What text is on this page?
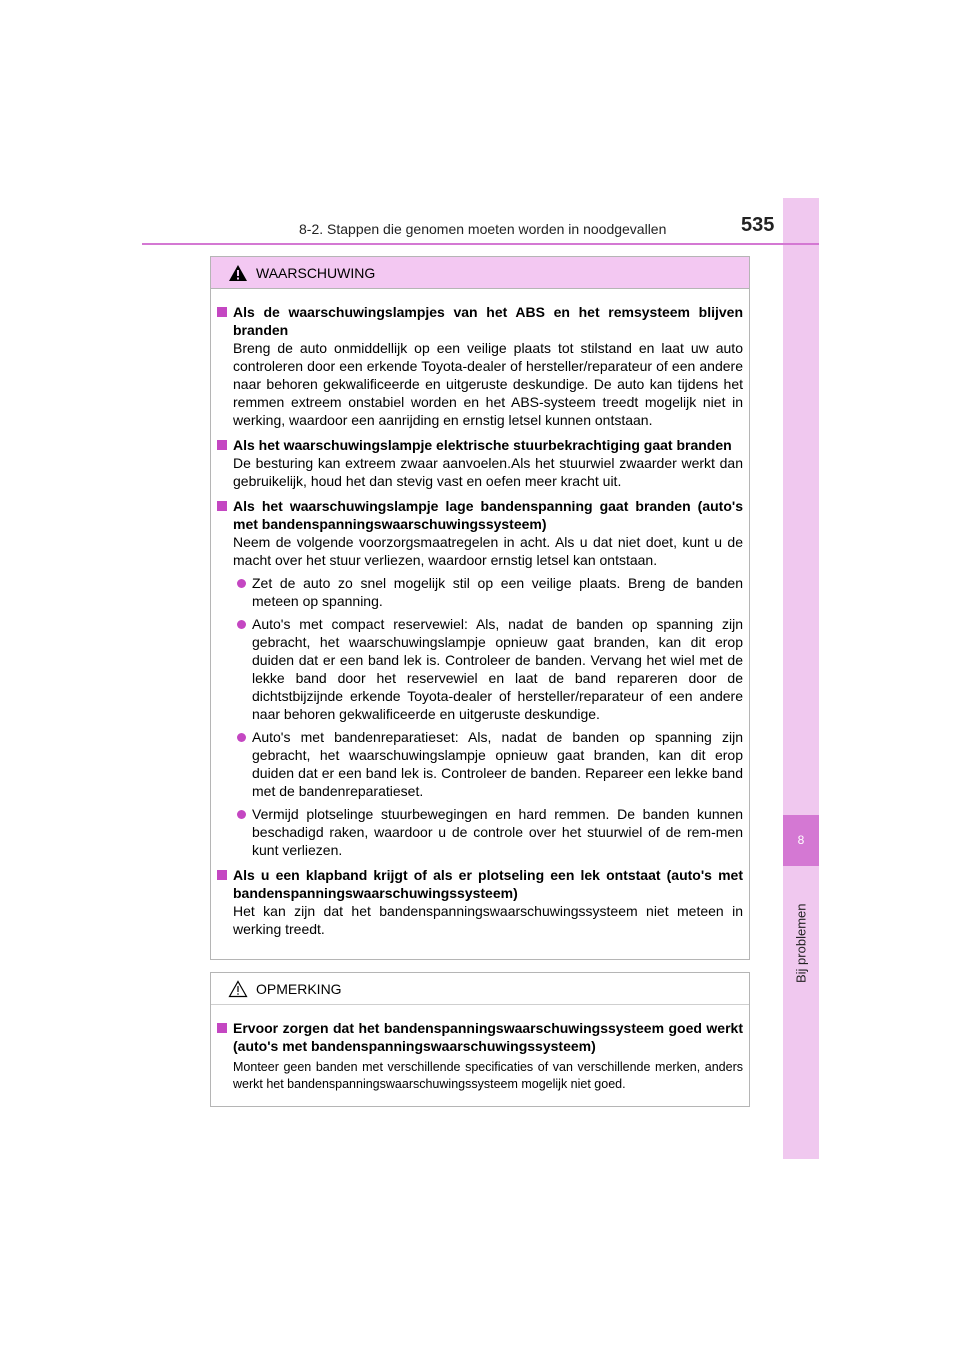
8
Bij problemen
8-2. Stappen die genomen moeten worden in noodgevallen	535
WAARSCHUWING
Als de waarschuwingslampjes van het ABS en het remsysteem blijven branden
Breng de auto onmiddellijk op een veilige plaats tot stilstand en laat uw auto controleren door een erkende Toyota-dealer of hersteller/reparateur of een andere naar behoren gekwalificeerde en uitgeruste deskundige. De auto kan tijdens het remmen extreem onstabiel worden en het ABS-systeem treedt mogelijk niet in werking, waardoor een aanrijding en ernstig letsel kunnen ontstaan.
Als het waarschuwingslampje elektrische stuurbekrachtiging gaat branden
De besturing kan extreem zwaar aanvoelen.Als het stuurwiel zwaarder werkt dan gebruikelijk, houd het dan stevig vast en oefen meer kracht uit.
Als het waarschuwingslampje lage bandenspanning gaat branden (auto's met bandenspanningswaarschuwingssysteem)
Neem de volgende voorzorgsmaatregelen in acht. Als u dat niet doet, kunt u de macht over het stuur verliezen, waardoor ernstig letsel kan ontstaan.
Zet de auto zo snel mogelijk stil op een veilige plaats. Breng de banden meteen op spanning.
Auto's met compact reservewiel: Als, nadat de banden op spanning zijn gebracht, het waarschuwingslampje opnieuw gaat branden, kan dit erop duiden dat er een band lek is. Controleer de banden. Vervang het wiel met de lekke band door het reservewiel en laat de band repareren door de dichtstbijzijnde erkende Toyota-dealer of hersteller/reparateur of een andere naar behoren gekwalificeerde en uitgeruste deskundige.
Auto's met bandenreparatieset: Als, nadat de banden op spanning zijn gebracht, het waarschuwingslampje opnieuw gaat branden, kan dit erop duiden dat er een band lek is. Controleer de banden. Repareer een lekke band met de bandenreparatieset.
Vermijd plotselinge stuurbewegingen en hard remmen. De banden kunnen beschadigd raken, waardoor u de controle over het stuurwiel of de rem-men kunt verliezen.
Als u een klapband krijgt of als er plotseling een lek ontstaat (auto's met bandenspanningswaarschuwingssysteem)
Het kan zijn dat het bandenspanningswaarschuwingssysteem niet meteen in werking treedt.
OPMERKING
Ervoor zorgen dat het bandenspanningswaarschuwingssysteem goed werkt (auto's met bandenspanningswaarschuwingssysteem)
Monteer geen banden met verschillende specificaties of van verschillende merken, anders werkt het bandenspanningswaarschuwingssysteem mogelijk niet goed.
